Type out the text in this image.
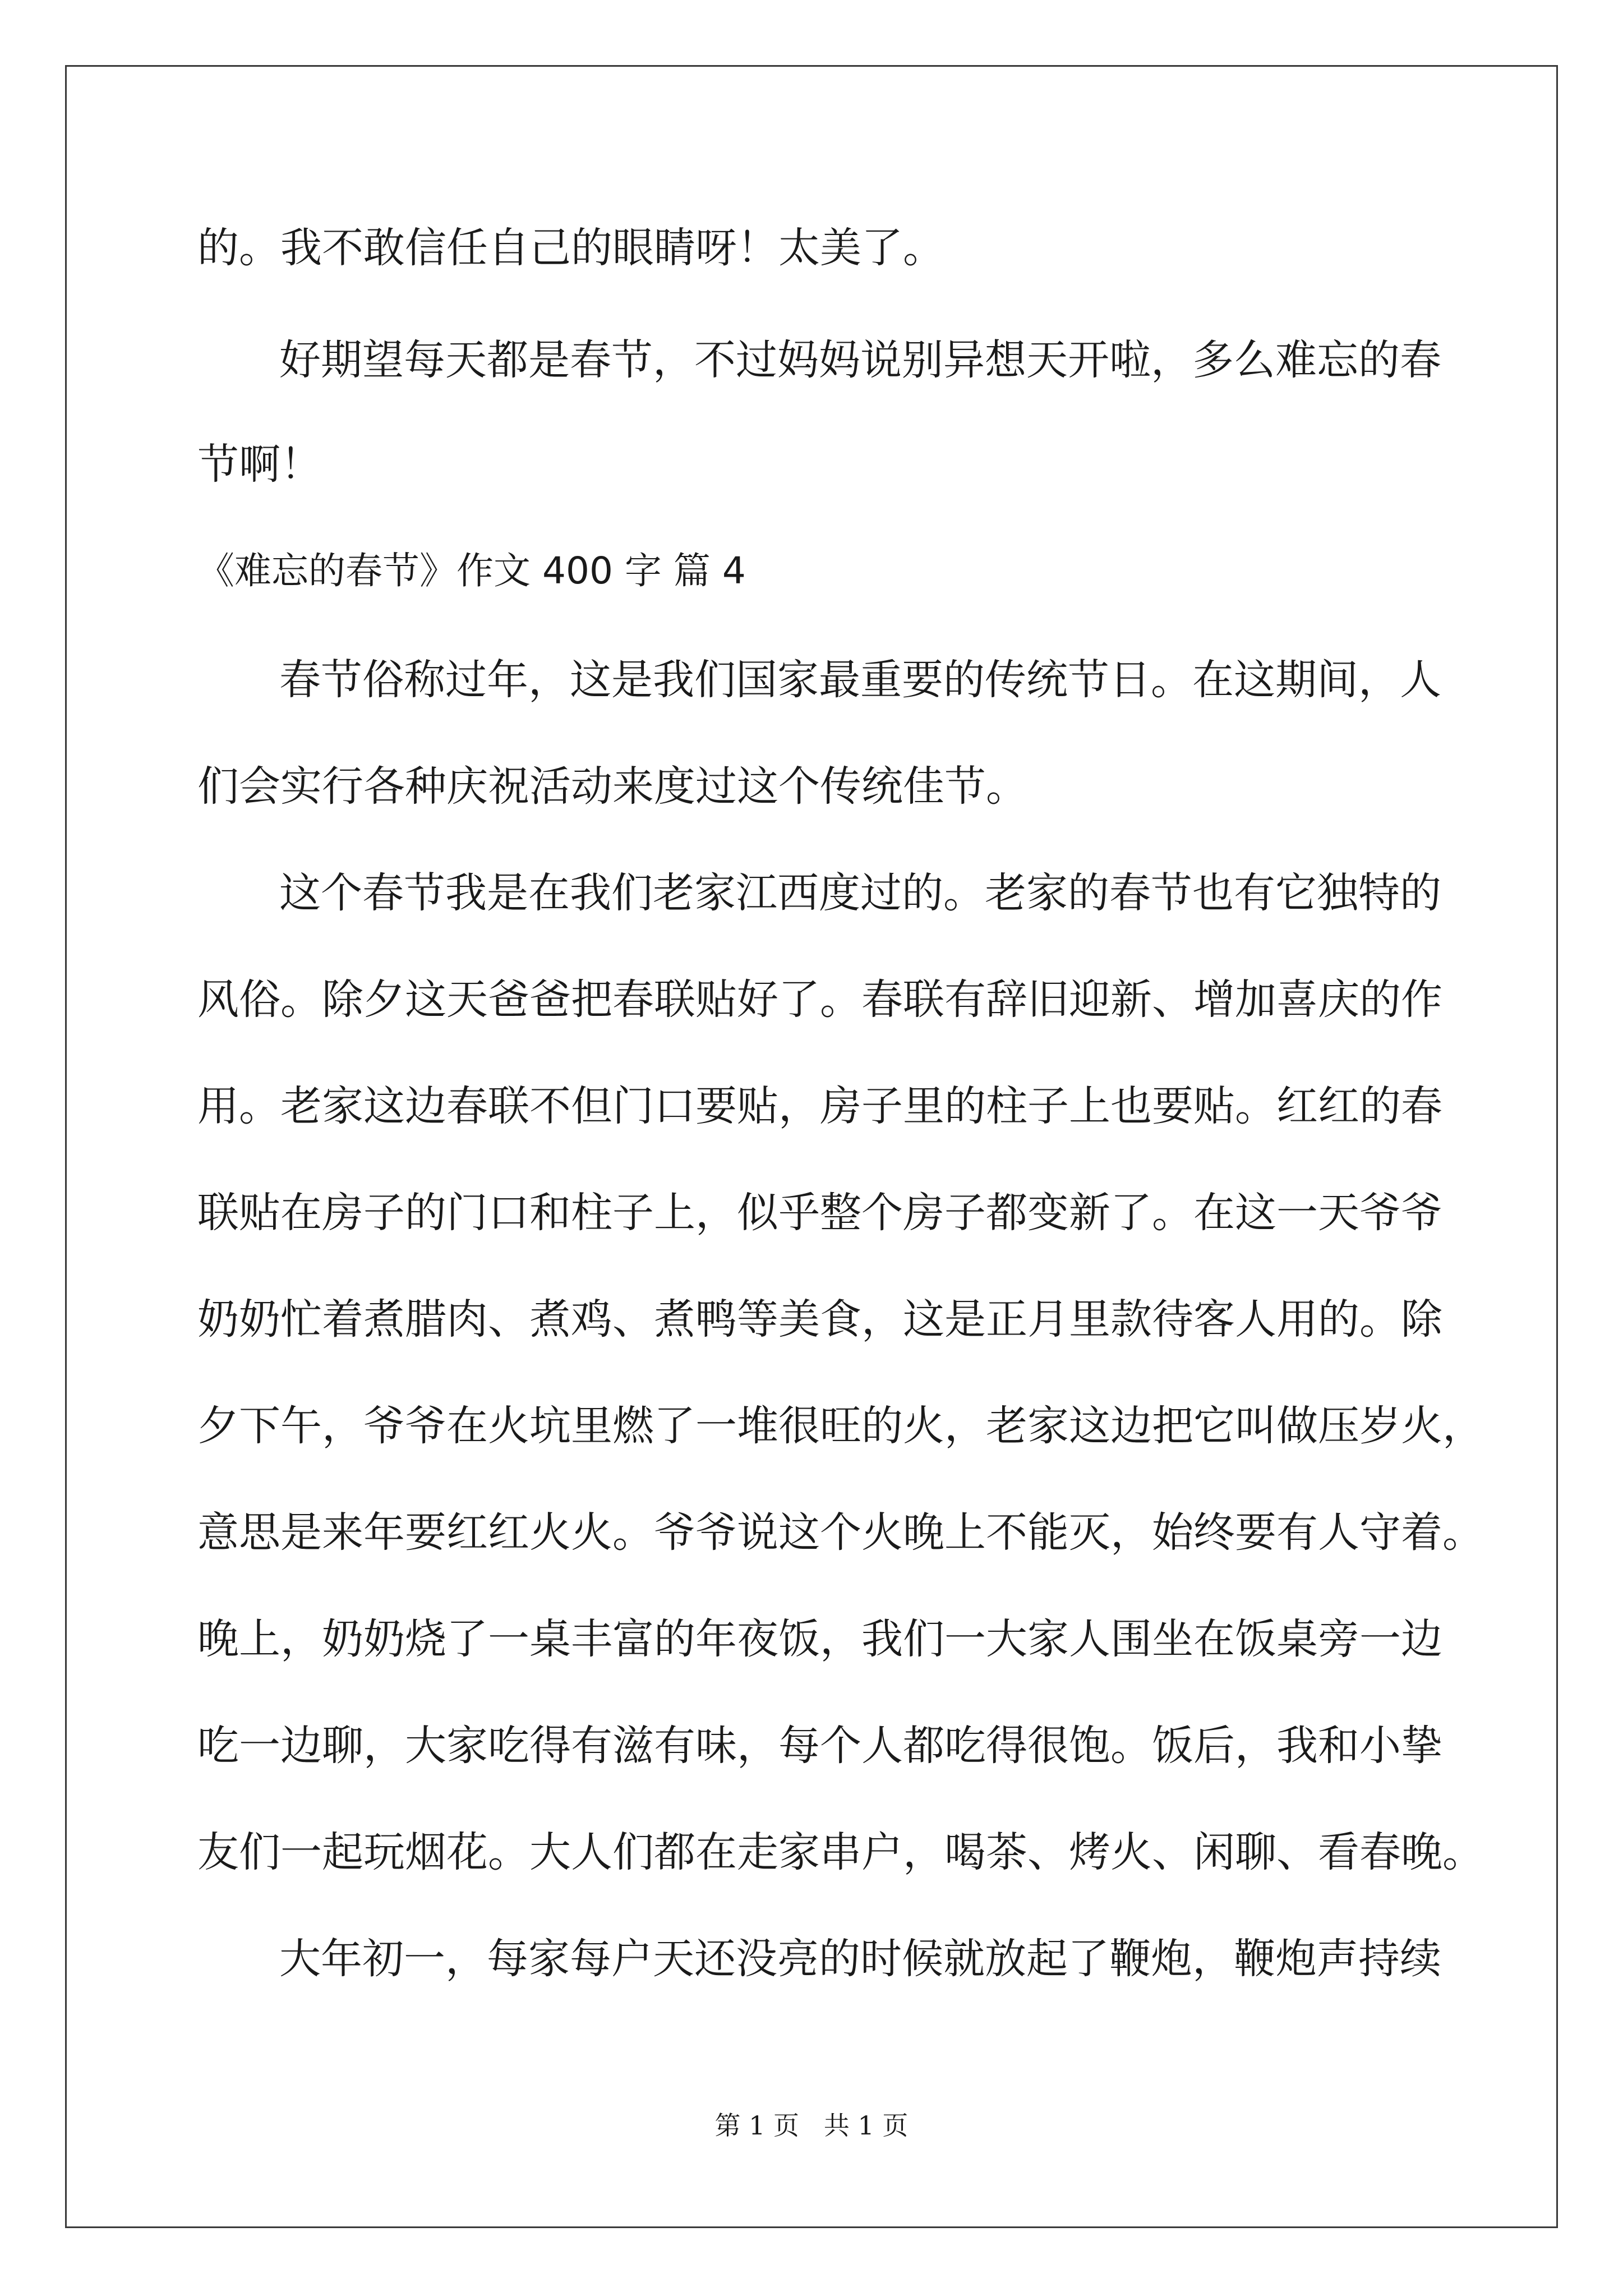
的。我不敢信任自己的眼睛呀！太美了。

好期望每天都是春节，不过妈妈说别异想天开啦，多么难忘的春

节啊！

《难忘的春节》作文 400 字 篇 4

春节俗称过年，这是我们国家最重要的传统节日。在这期间，人

们会实行各种庆祝活动来度过这个传统佳节。

这个春节我是在我们老家江西度过的。老家的春节也有它独特的

风俗。除夕这天爸爸把春联贴好了。春联有辞旧迎新、增加喜庆的作

用。老家这边春联不但门口要贴，房子里的柱子上也要贴。红红的春

联贴在房子的门口和柱子上，似乎整个房子都变新了。在这一天爷爷

奶奶忙着煮腊肉、煮鸡、煮鸭等美食，这是正月里款待客人用的。除

夕下午，爷爷在火坑里燃了一堆很旺的火，老家这边把它叫做压岁火，

意思是来年要红红火火。爷爷说这个火晚上不能灭，始终要有人守着。

晚上，奶奶烧了一桌丰富的年夜饭，我们一大家人围坐在饭桌旁一边

吃一边聊，大家吃得有滋有味，每个人都吃得很饱。饭后，我和小挚

友们一起玩烟花。大人们都在走家串户，喝茶、烤火、闲聊、看春晚。

大年初一，每家每户天还没亮的时候就放起了鞭炮，鞭炮声持续

第 1 页   共 1 页
